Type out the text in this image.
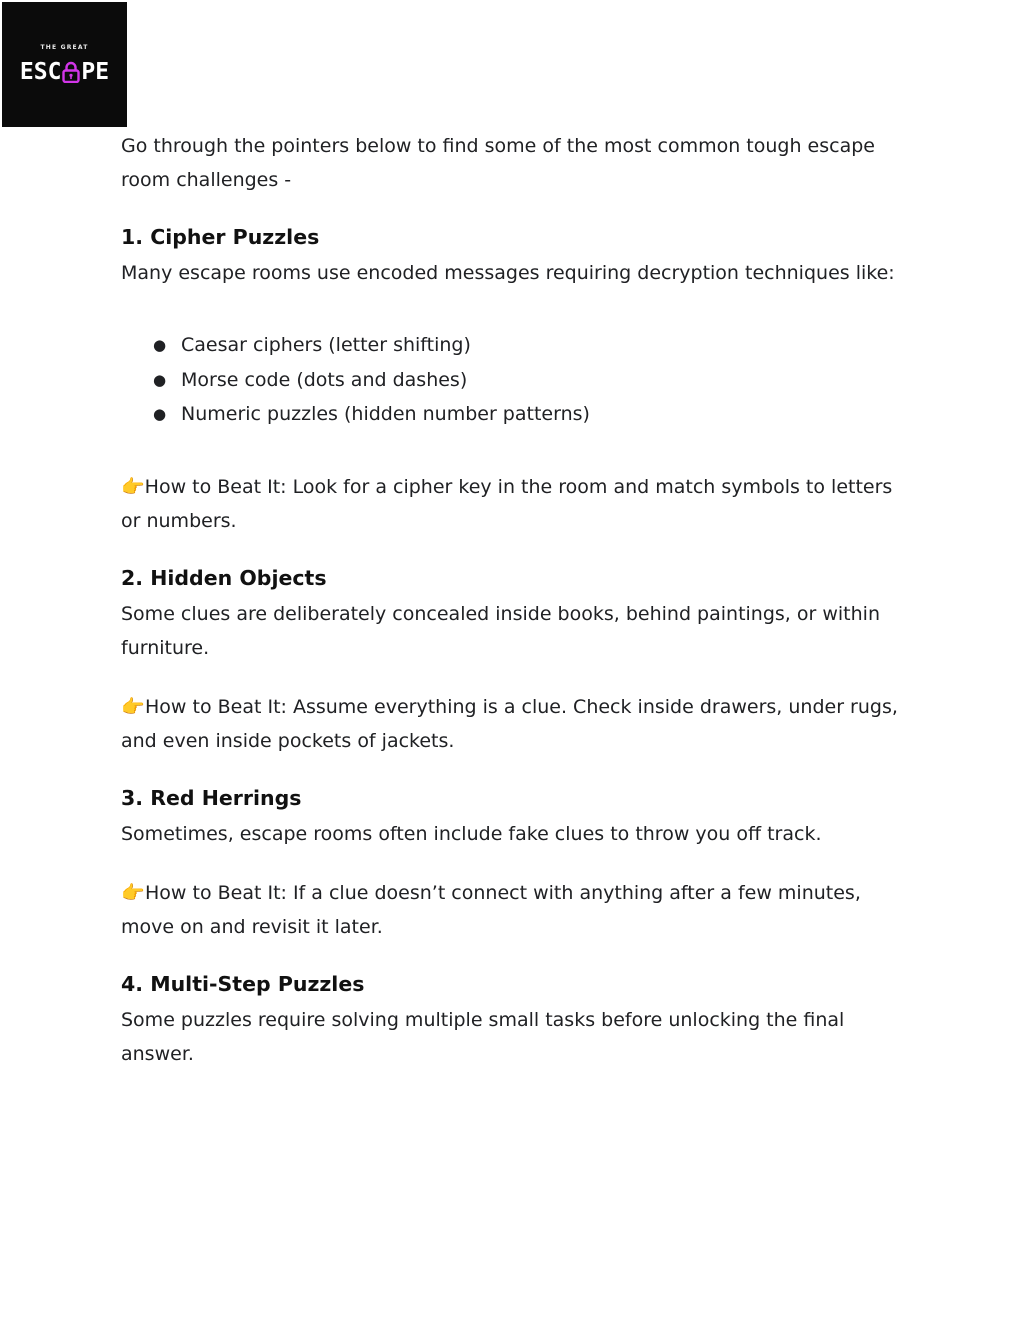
THE GREAT
ESC PE

Go through the pointers below to find some of the most common tough escape room challenges -

1. Cipher Puzzles

Many escape rooms use encoded messages requiring decryption techniques like:

● Caesar ciphers (letter shifting)
● Morse code (dots and dashes)
● Numeric puzzles (hidden number patterns)

👉How to Beat It: Look for a cipher key in the room and match symbols to letters or numbers.

2. Hidden Objects

Some clues are deliberately concealed inside books, behind paintings, or within furniture.

👉How to Beat It: Assume everything is a clue. Check inside drawers, under rugs, and even inside pockets of jackets.

3. Red Herrings

Sometimes, escape rooms often include fake clues to throw you off track.

👉How to Beat It: If a clue doesn’t connect with anything after a few minutes, move on and revisit it later.

4. Multi-Step Puzzles

Some puzzles require solving multiple small tasks before unlocking the final answer.
